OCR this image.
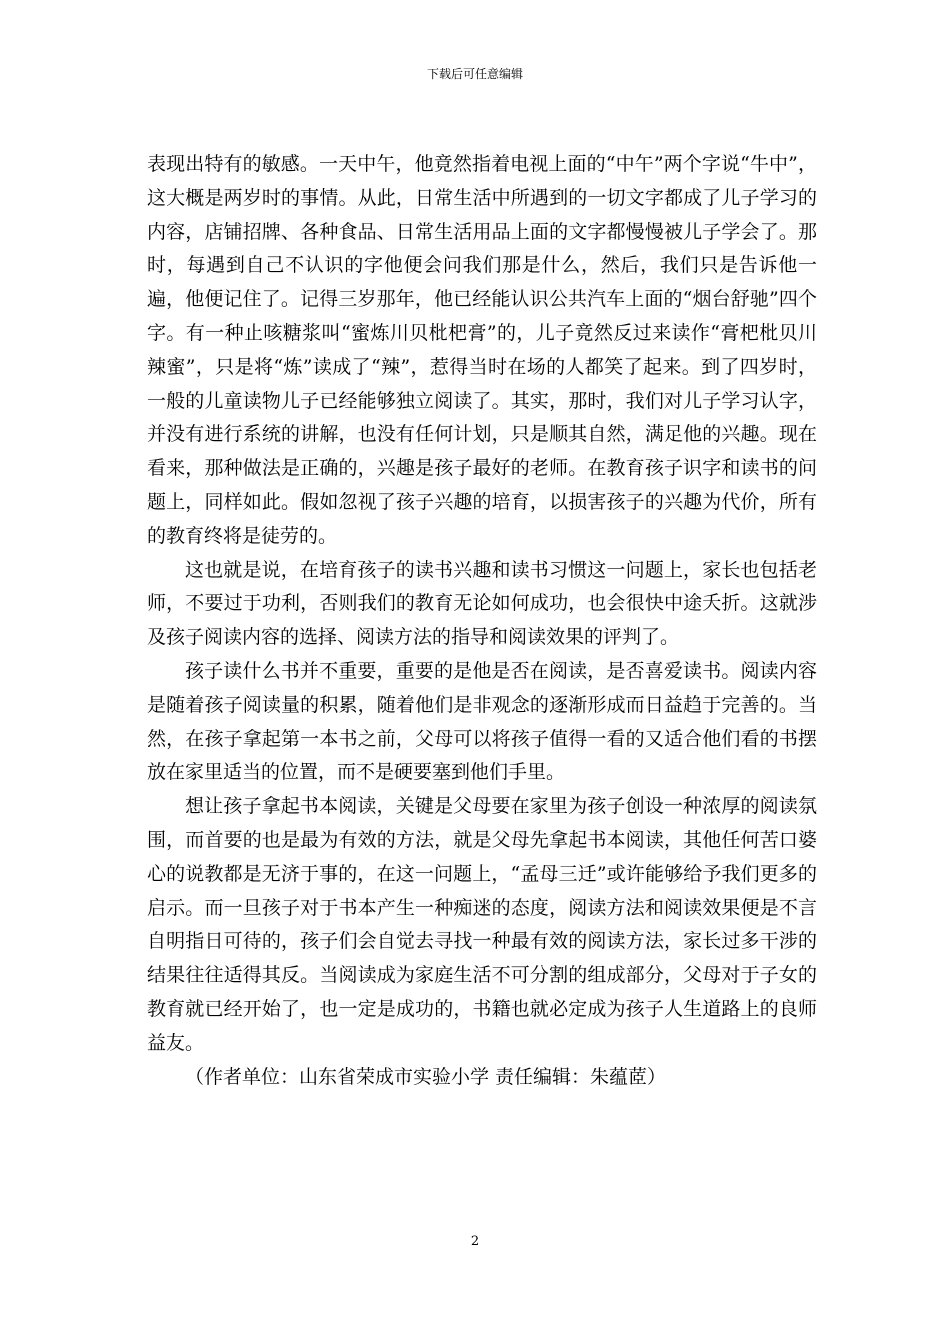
下载后可任意编辑

表现出特有的敏感。一天中午，他竟然指着电视上面的“中午”两个字说“牛中”，这大概是两岁时的事情。从此，日常生活中所遇到的一切文字都成了儿子学习的内容，店铺招牌、各种食品、日常生活用品上面的文字都慢慢被儿子学会了。那时，每遇到自己不认识的字他便会问我们那是什么，然后，我们只是告诉他一遍，他便记住了。记得三岁那年，他已经能认识公共汽车上面的“烟台舒驰”四个字。有一种止咳糖浆叫“蜜炼川贝枇杷膏”的，儿子竟然反过来读作“膏杷枇贝川辣蜜”，只是将“炼”读成了“辣”，惹得当时在场的人都笑了起来。到了四岁时，一般的儿童读物儿子已经能够独立阅读了。其实，那时，我们对儿子学习认字，并没有进行系统的讲解，也没有任何计划，只是顺其自然，满足他的兴趣。现在看来，那种做法是正确的，兴趣是孩子最好的老师。在教育孩子识字和读书的问题上，同样如此。假如忽视了孩子兴趣的培育，以损害孩子的兴趣为代价，所有的教育终将是徒劳的。

这也就是说，在培育孩子的读书兴趣和读书习惯这一问题上，家长也包括老师，不要过于功利，否则我们的教育无论如何成功，也会很快中途夭折。这就涉及孩子阅读内容的选择、阅读方法的指导和阅读效果的评判了。

孩子读什么书并不重要，重要的是他是否在阅读，是否喜爱读书。阅读内容是随着孩子阅读量的积累，随着他们是非观念的逐渐形成而日益趋于完善的。当然，在孩子拿起第一本书之前，父母可以将孩子值得一看的又适合他们看的书摆放在家里适当的位置，而不是硬要塞到他们手里。

想让孩子拿起书本阅读，关键是父母要在家里为孩子创设一种浓厚的阅读氛围，而首要的也是最为有效的方法，就是父母先拿起书本阅读，其他任何苦口婆心的说教都是无济于事的，在这一问题上，“孟母三迁”或许能够给予我们更多的启示。而一旦孩子对于书本产生一种痴迷的态度，阅读方法和阅读效果便是不言自明指日可待的，孩子们会自觉去寻找一种最有效的阅读方法，家长过多干涉的结果往往适得其反。当阅读成为家庭生活不可分割的组成部分，父母对于子女的教育就已经开始了，也一定是成功的，书籍也就必定成为孩子人生道路上的良师益友。

（作者单位：山东省荣成市实验小学 责任编辑：朱蕴茝）

2
